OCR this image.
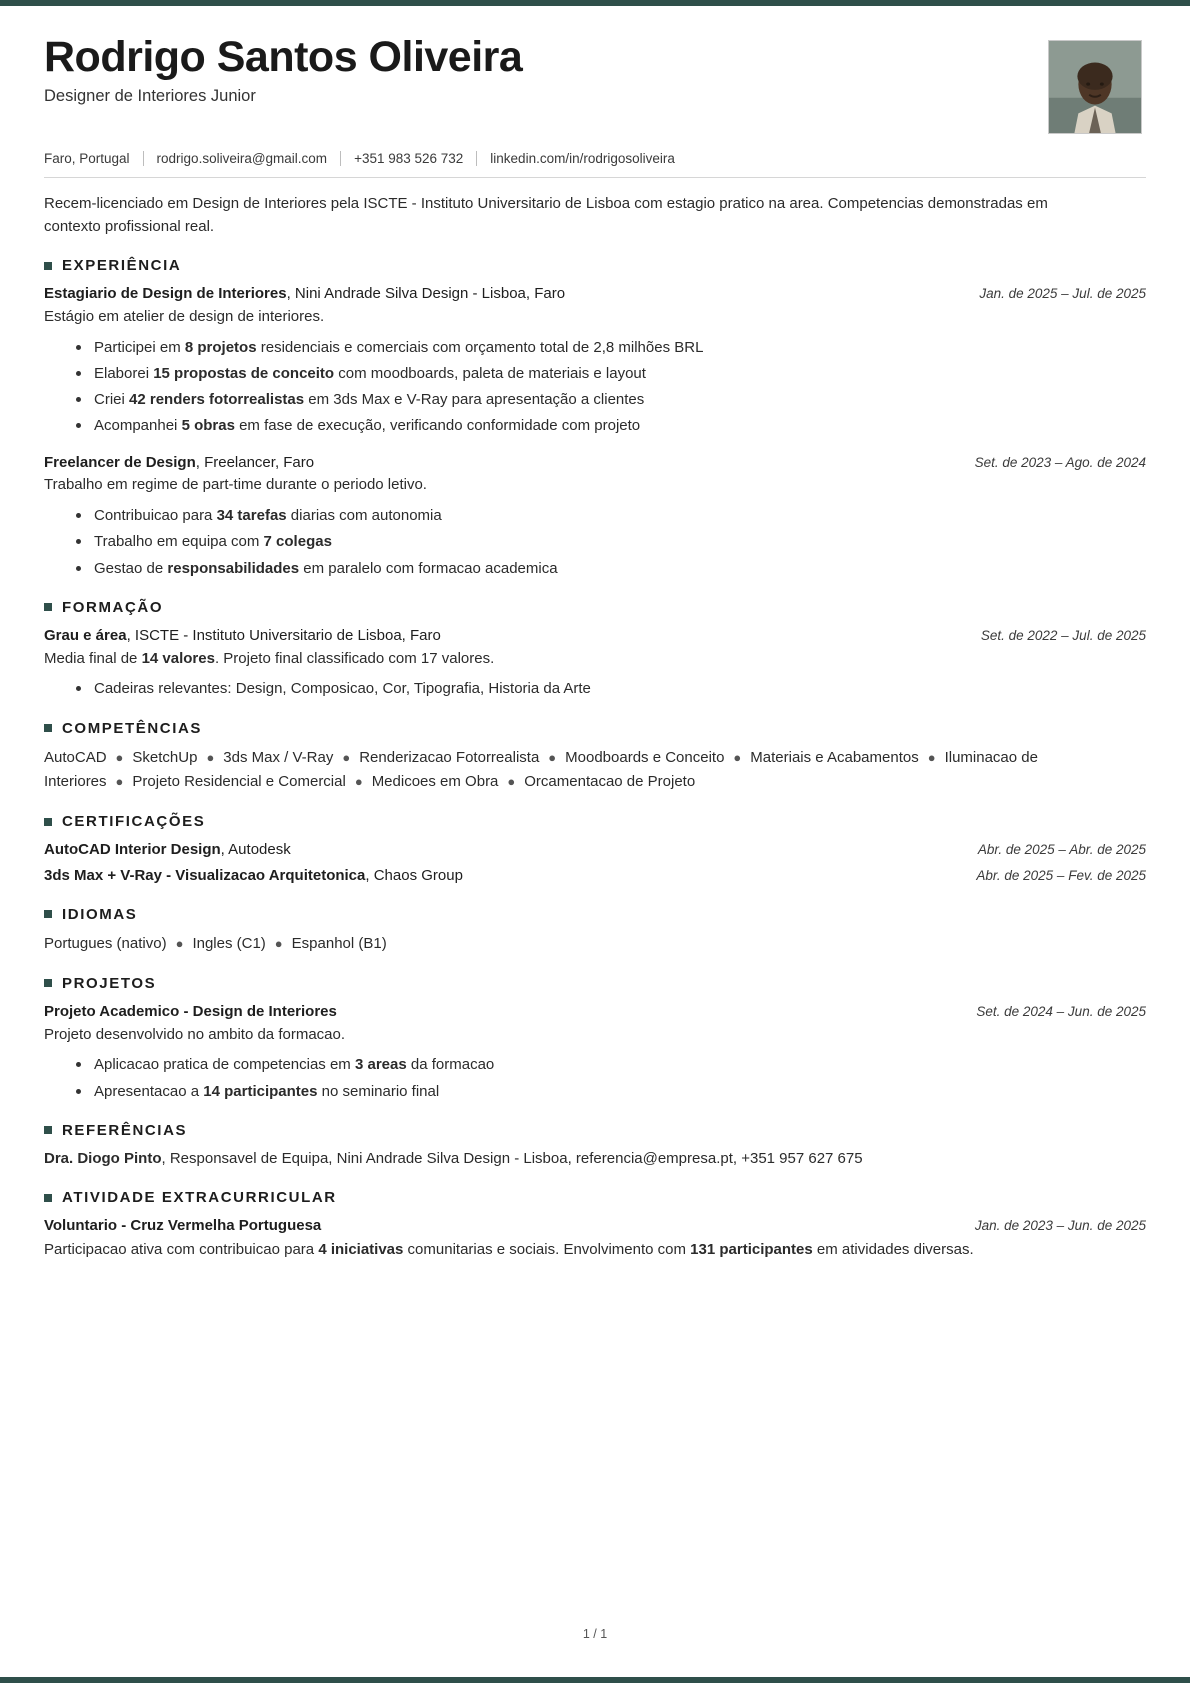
Rodrigo Santos Oliveira
Designer de Interiores Junior
Faro, Portugal rodrigo.soliveira@gmail.com +351 983 526 732 linkedin.com/in/rodrigosoliveira
Recem-licenciado em Design de Interiores pela ISCTE - Instituto Universitario de Lisboa com estagio pratico na area. Competencias demonstradas em contexto profissional real.
EXPERIÊNCIA
Estagiario de Design de Interiores, Nini Andrade Silva Design - Lisboa, Faro	Jan. de 2025 – Jul. de 2025
Estágio em atelier de design de interiores.
Participei em 8 projetos residenciais e comerciais com orçamento total de 2,8 milhões BRL
Elaborei 15 propostas de conceito com moodboards, paleta de materiais e layout
Criei 42 renders fotorrealistas em 3ds Max e V-Ray para apresentação a clientes
Acompanhei 5 obras em fase de execução, verificando conformidade com projeto
Freelancer de Design, Freelancer, Faro	Set. de 2023 – Ago. de 2024
Trabalho em regime de part-time durante o periodo letivo.
Contribuicao para 34 tarefas diarias com autonomia
Trabalho em equipa com 7 colegas
Gestao de responsabilidades em paralelo com formacao academica
FORMAÇÃO
Grau e área, ISCTE - Instituto Universitario de Lisboa, Faro	Set. de 2022 – Jul. de 2025
Media final de 14 valores. Projeto final classificado com 17 valores.
Cadeiras relevantes: Design, Composicao, Cor, Tipografia, Historia da Arte
COMPETÊNCIAS
AutoCAD ● SketchUp ● 3ds Max / V-Ray ● Renderizacao Fotorrealista ● Moodboards e Conceito ● Materiais e Acabamentos ● Iluminacao de Interiores ● Projeto Residencial e Comercial ● Medicoes em Obra ● Orcamentacao de Projeto
CERTIFICAÇÕES
AutoCAD Interior Design, Autodesk	Abr. de 2025 – Abr. de 2025
3ds Max + V-Ray - Visualizacao Arquitetonica, Chaos Group	Abr. de 2025 – Fev. de 2025
IDIOMAS
Portugues (nativo) ● Ingles (C1) ● Espanhol (B1)
PROJETOS
Projeto Academico - Design de Interiores	Set. de 2024 – Jun. de 2025
Projeto desenvolvido no ambito da formacao.
Aplicacao pratica de competencias em 3 areas da formacao
Apresentacao a 14 participantes no seminario final
REFERÊNCIAS
Dra. Diogo Pinto, Responsavel de Equipa, Nini Andrade Silva Design - Lisboa, referencia@empresa.pt, +351 957 627 675
ATIVIDADE EXTRACURRICULAR
Voluntario - Cruz Vermelha Portuguesa	Jan. de 2023 – Jun. de 2025
Participacao ativa com contribuicao para 4 iniciativas comunitarias e sociais. Envolvimento com 131 participantes em atividades diversas.
1 / 1
